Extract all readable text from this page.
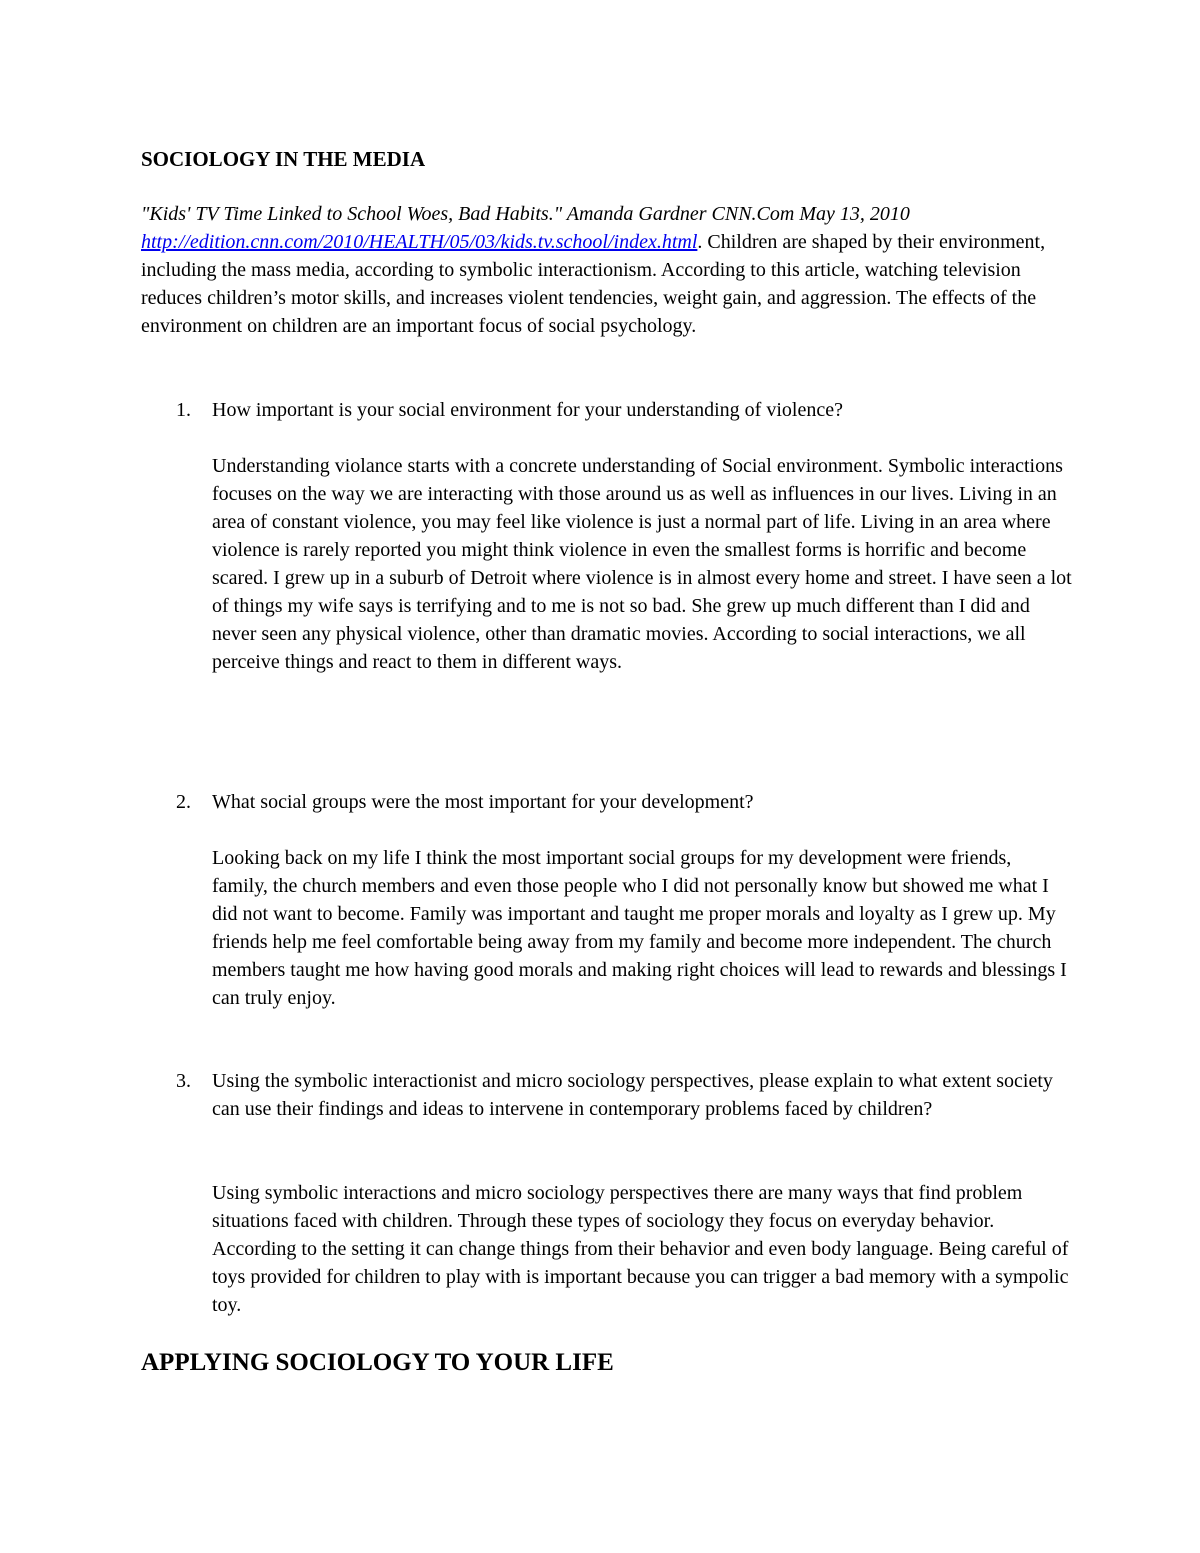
SOCIOLOGY IN THE MEDIA

"Kids' TV Time Linked to School Woes, Bad Habits." Amanda Gardner CNN.Com May 13, 2010
http://edition.cnn.com/2010/HEALTH/05/03/kids.tv.school/index.html. Children are shaped by their environment, including the mass media, according to symbolic interactionism. According to this article, watching television reduces children’s motor skills, and increases violent tendencies, weight gain, and aggression. The effects of the environment on children are an important focus of social psychology.

1. How important is your social environment for your understanding of violence?

Understanding violance starts with a concrete understanding of Social environment. Symbolic interactions focuses on the way we are interacting with those around us as well as influences in our lives. Living in an area of constant violence, you may feel like violence is just a normal part of life. Living in an area where violence is rarely reported you might think violence in even the smallest forms is horrific and become scared. I grew up in a suburb of Detroit where violence is in almost every home and street. I have seen a lot of things my wife says is terrifying and to me is not so bad. She grew up much different than I did and never seen any physical violence, other than dramatic movies. According to social interactions, we all perceive things and react to them in different ways.

2. What social groups were the most important for your development?

Looking back on my life I think the most important social groups for my development were friends, family, the church members and even those people who I did not personally know but showed me what I did not want to become. Family was important and taught me proper morals and loyalty as I grew up. My friends help me feel comfortable being away from my family and become more independent. The church members taught me how having good morals and making right choices will lead to rewards and blessings I can truly enjoy.

3. Using the symbolic interactionist and micro sociology perspectives, please explain to what extent society can use their findings and ideas to intervene in contemporary problems faced by children?

Using symbolic interactions and micro sociology perspectives there are many ways that find problem situations faced with children. Through these types of sociology they focus on everyday behavior. According to the setting it can change things from their behavior and even body language. Being careful of toys provided for children to play with is important because you can trigger a bad memory with a sympolic toy.

APPLYING SOCIOLOGY TO YOUR LIFE
